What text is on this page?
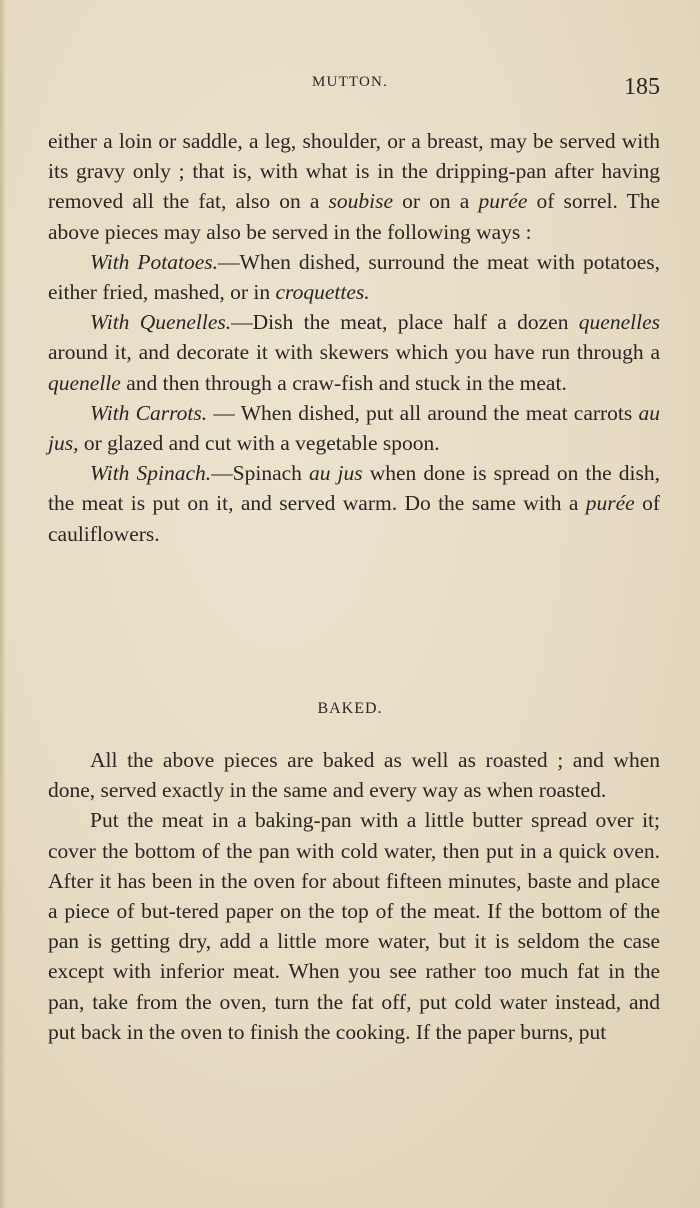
MUTTON.	185

either a loin or saddle, a leg, shoulder, or a breast, may be served with its gravy only ; that is, with what is in the dripping-pan after having removed all the fat, also on a soubise or on a purée of sorrel. The above pieces may also be served in the following ways :

With Potatoes.—When dished, surround the meat with potatoes, either fried, mashed, or in croquettes.

With Quenelles.—Dish the meat, place half a dozen quenelles around it, and decorate it with skewers which you have run through a quenelle and then through a craw-fish and stuck in the meat.

With Carrots. — When dished, put all around the meat carrots au jus, or glazed and cut with a vegetable spoon.

With Spinach.—Spinach au jus when done is spread on the dish, the meat is put on it, and served warm. Do the same with a purée of cauliflowers.

BAKED.

All the above pieces are baked as well as roasted ; and when done, served exactly in the same and every way as when roasted.

Put the meat in a baking-pan with a little butter spread over it; cover the bottom of the pan with cold water, then put in a quick oven. After it has been in the oven for about fifteen minutes, baste and place a piece of but-tered paper on the top of the meat. If the bottom of the pan is getting dry, add a little more water, but it is seldom the case except with inferior meat. When you see rather too much fat in the pan, take from the oven, turn the fat off, put cold water instead, and put back in the oven to finish the cooking. If the paper burns, put
